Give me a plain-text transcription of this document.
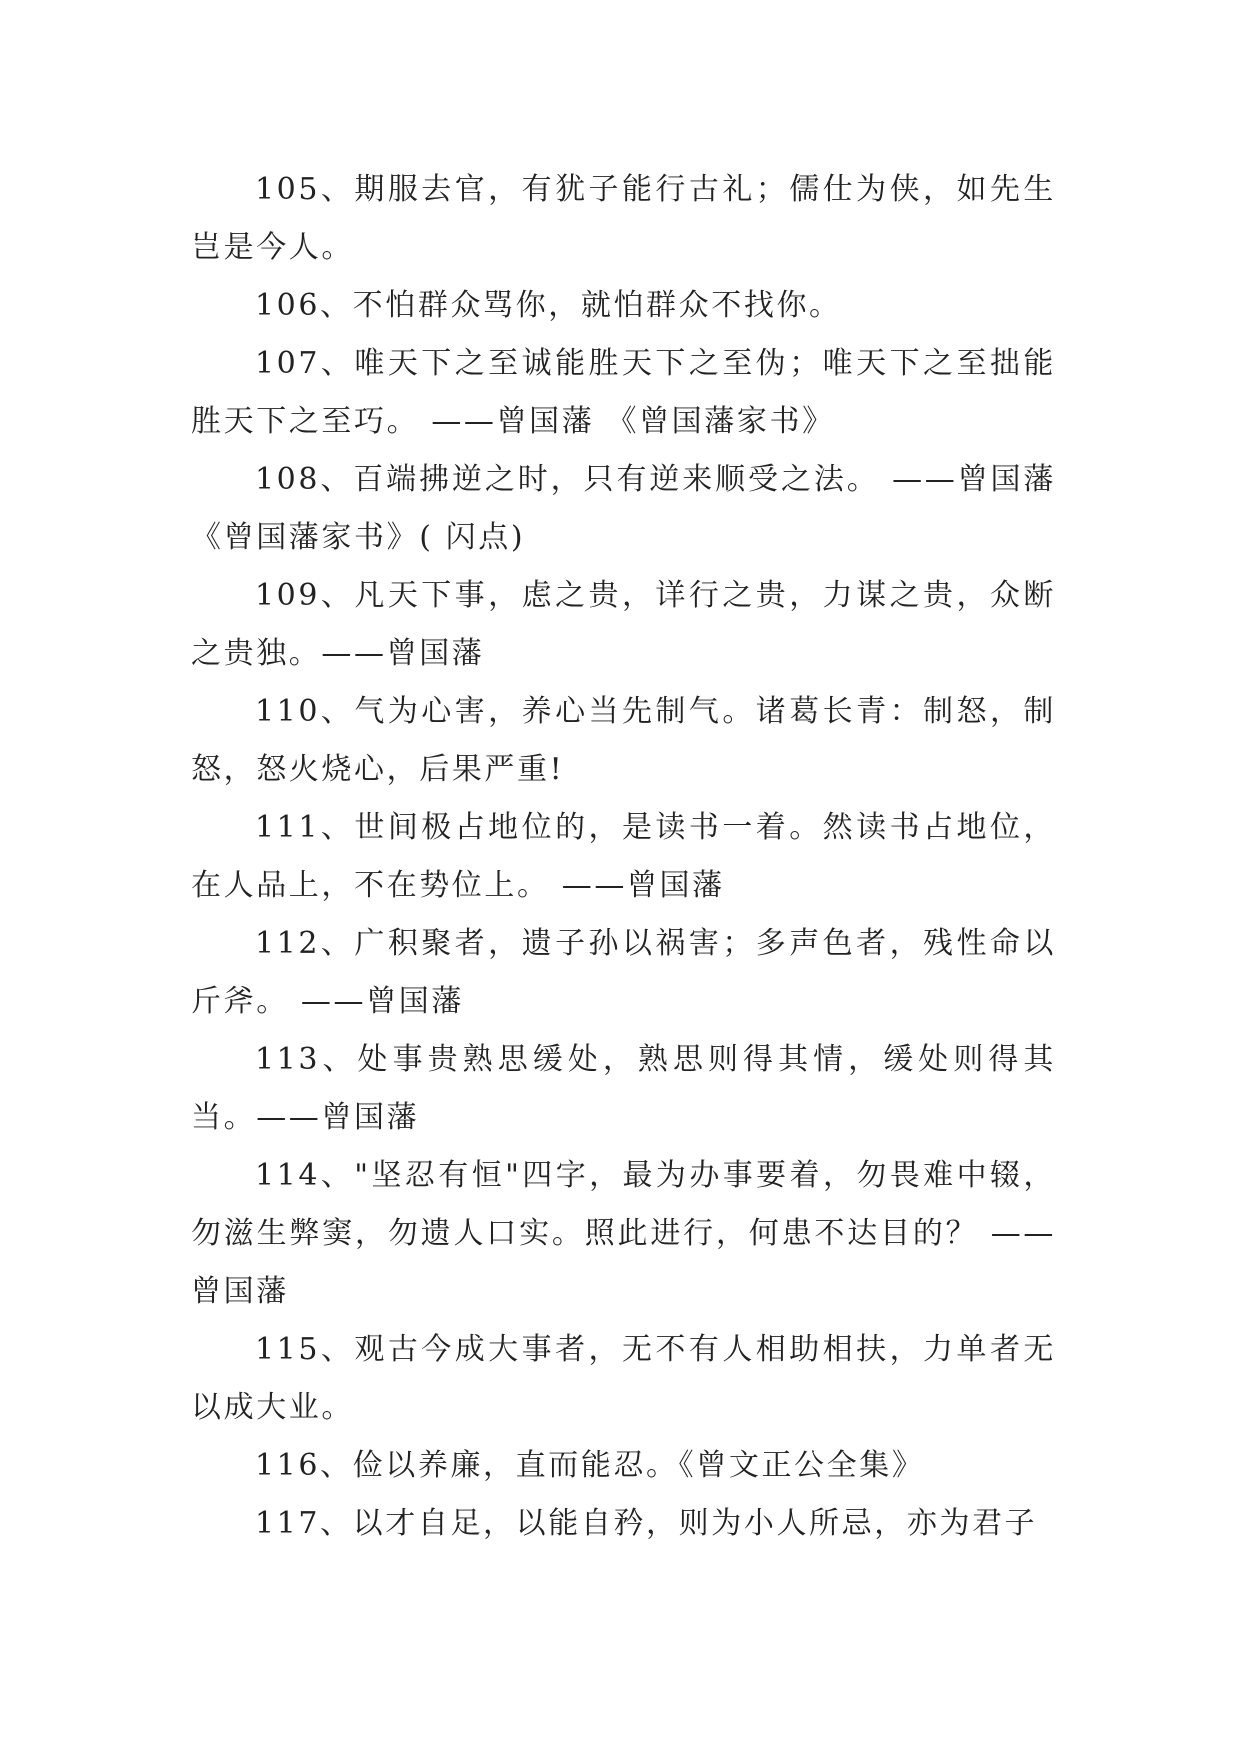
105、期服去官，有犹子能行古礼；儒仕为侠，如先生岂是今人。

106、不怕群众骂你，就怕群众不找你。

107、唯天下之至诚能胜天下之至伪；唯天下之至拙能胜天下之至巧。 ——曾国藩 《曾国藩家书》

108、百端拂逆之时，只有逆来顺受之法。 ——曾国藩 《曾国藩家书》( 闪点)

109、凡天下事，虑之贵，详行之贵，力谋之贵，众断之贵独。——曾国藩

110、气为心害，养心当先制气。诸葛长青：制怒，制怒，怒火烧心，后果严重!

111、世间极占地位的，是读书一着。然读书占地位，在人品上，不在势位上。 ——曾国藩

112、广积聚者，遗子孙以祸害；多声色者，残性命以斤斧。 ——曾国藩

113、处事贵熟思缓处，熟思则得其情，缓处则得其当。——曾国藩

114、"坚忍有恒"四字，最为办事要着，勿畏难中辍，勿滋生弊窦，勿遗人口实。照此进行，何患不达目的？ ——曾国藩

115、观古今成大事者，无不有人相助相扶，力单者无以成大业。

116、俭以养廉，直而能忍。《曾文正公全集》

117、以才自足，以能自矜，则为小人所忌，亦为君子
